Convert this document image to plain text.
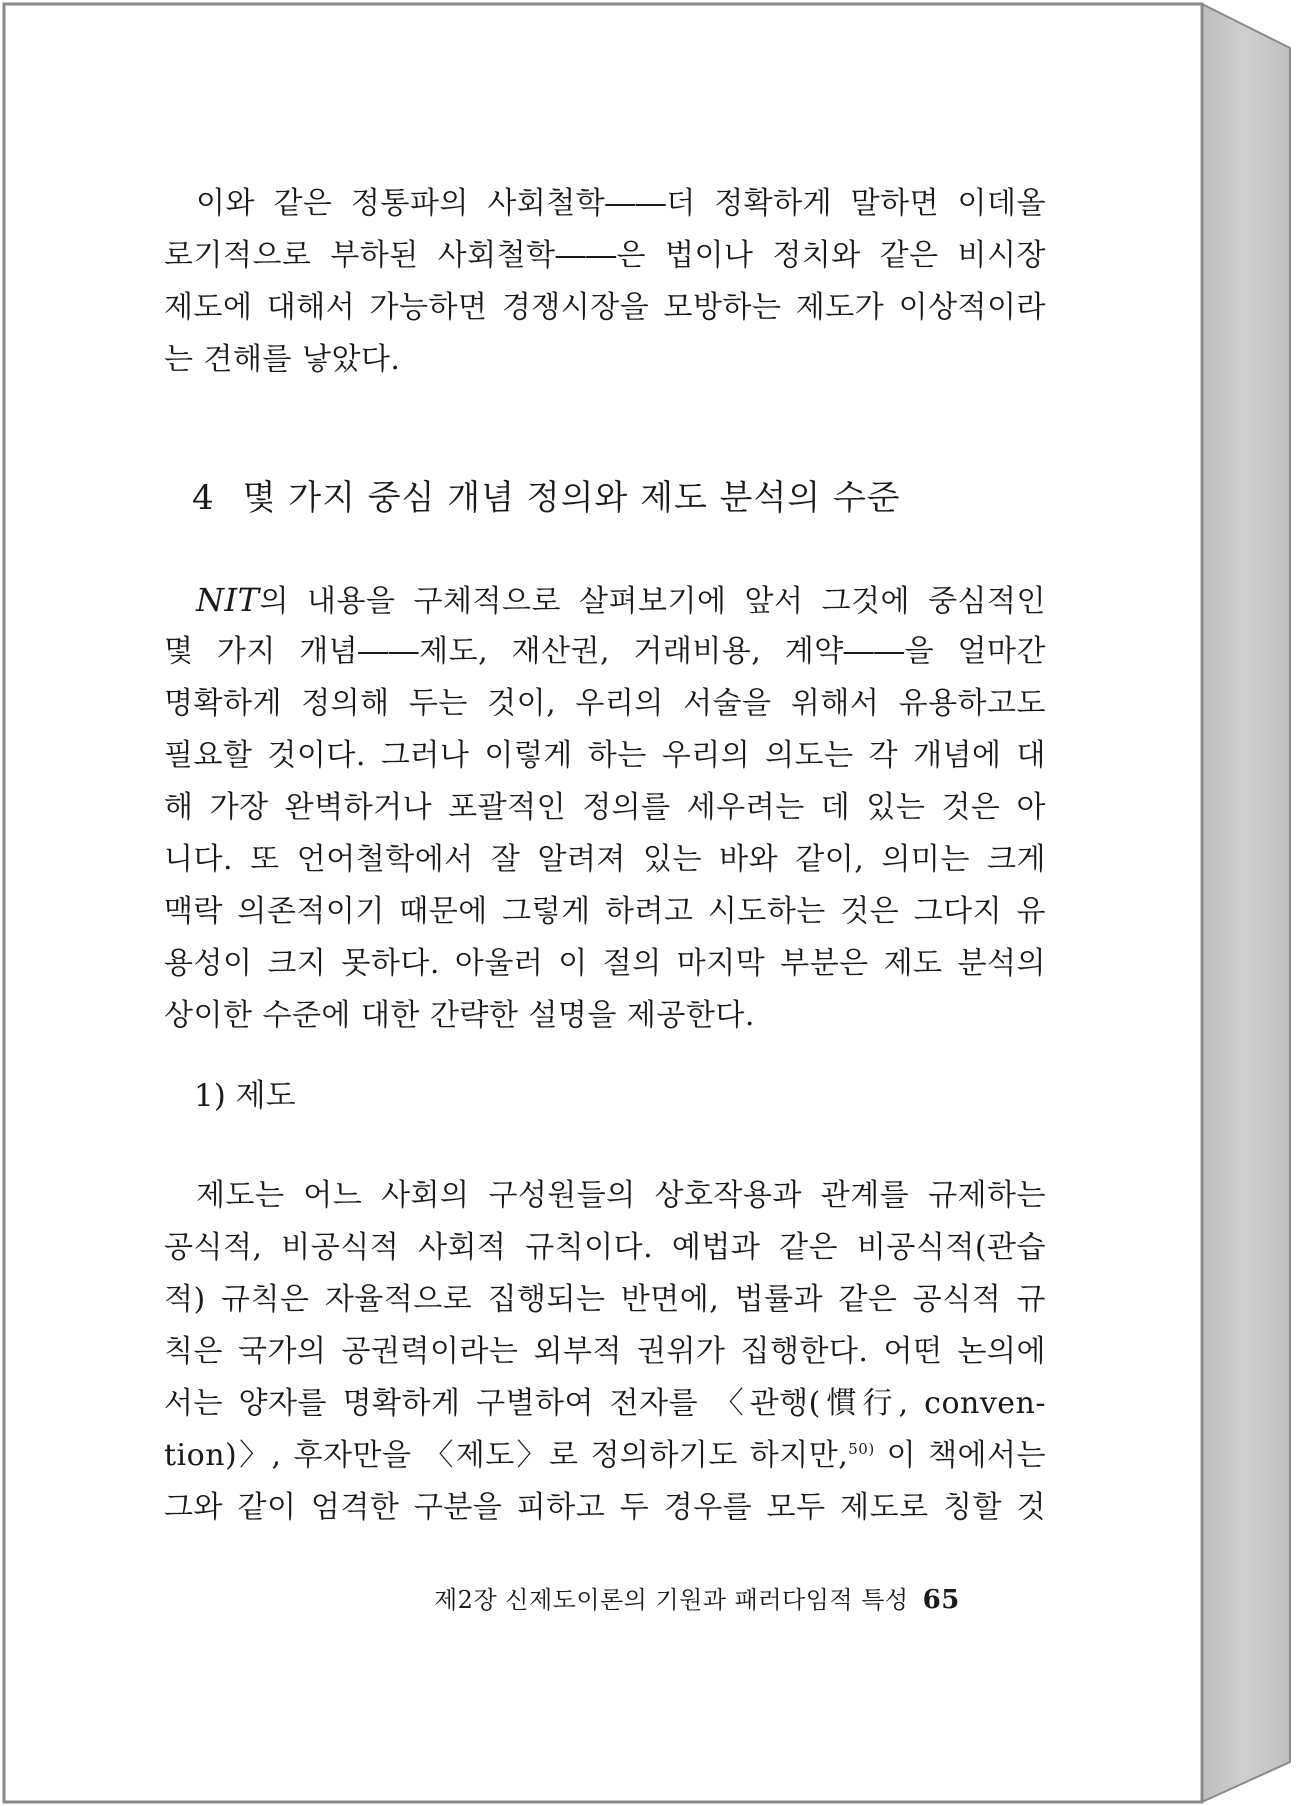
이와 같은 정통파의 사회철학――더 정확하게 말하면 이데올

로기적으로 부하된 사회철학――은 법이나 정치와 같은 비시장

제도에 대해서 가능하면 경쟁시장을 모방하는 제도가 이상적이라

는 견해를 낳았다.

4 몇 가지 중심 개념 정의와 제도 분석의 수준

NIT의 내용을 구체적으로 살펴보기에 앞서 그것에 중심적인

몇 가지 개념――제도, 재산권, 거래비용, 계약――을 얼마간

명확하게 정의해 두는 것이, 우리의 서술을 위해서 유용하고도

필요할 것이다. 그러나 이렇게 하는 우리의 의도는 각 개념에 대

해 가장 완벽하거나 포괄적인 정의를 세우려는 데 있는 것은 아

니다. 또 언어철학에서 잘 알려져 있는 바와 같이, 의미는 크게

맥락 의존적이기 때문에 그렇게 하려고 시도하는 것은 그다지 유

용성이 크지 못하다. 아울러 이 절의 마지막 부분은 제도 분석의

상이한 수준에 대한 간략한 설명을 제공한다.

1) 제도

제도는 어느 사회의 구성원들의 상호작용과 관계를 규제하는

공식적, 비공식적 사회적 규칙이다. 예법과 같은 비공식적(관습

적) 규칙은 자율적으로 집행되는 반면에, 법률과 같은 공식적 규

칙은 국가의 공권력이라는 외부적 권위가 집행한다. 어떤 논의에

서는 양자를 명확하게 구별하여 전자를 〈관행(慣行, conven-

tion)〉, 후자만을 〈제도〉로 정의하기도 하지만,$^{50)}$ 이 책에서는

그와 같이 엄격한 구분을 피하고 두 경우를 모두 제도로 칭할 것

제2장 신제도이론의 기원과 패러다임적 특성 65
